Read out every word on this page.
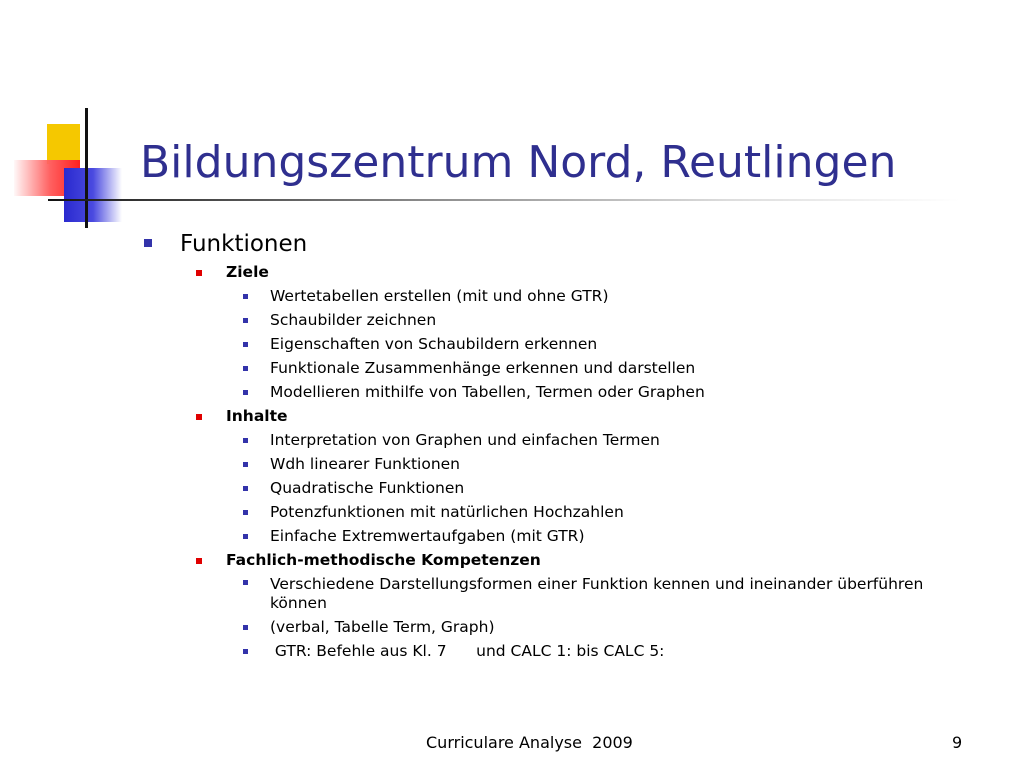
Bildungszentrum Nord, Reutlingen
Funktionen
Ziele
Wertetabellen erstellen (mit und ohne GTR)
Schaubilder zeichnen
Eigenschaften von Schaubildern erkennen
Funktionale Zusammenhänge erkennen und darstellen
Modellieren mithilfe von Tabellen, Termen oder Graphen
Inhalte
Interpretation von Graphen und einfachen Termen
Wdh linearer Funktionen
Quadratische Funktionen
Potenzfunktionen mit natürlichen Hochzahlen
Einfache Extremwertaufgaben (mit GTR)
Fachlich-methodische Kompetenzen
Verschiedene Darstellungsformen einer Funktion kennen und ineinander überführen können
(verbal, Tabelle Term, Graph)
GTR: Befehle aus Kl. 7      und CALC 1: bis CALC 5:
Curriculare Analyse  2009	9
